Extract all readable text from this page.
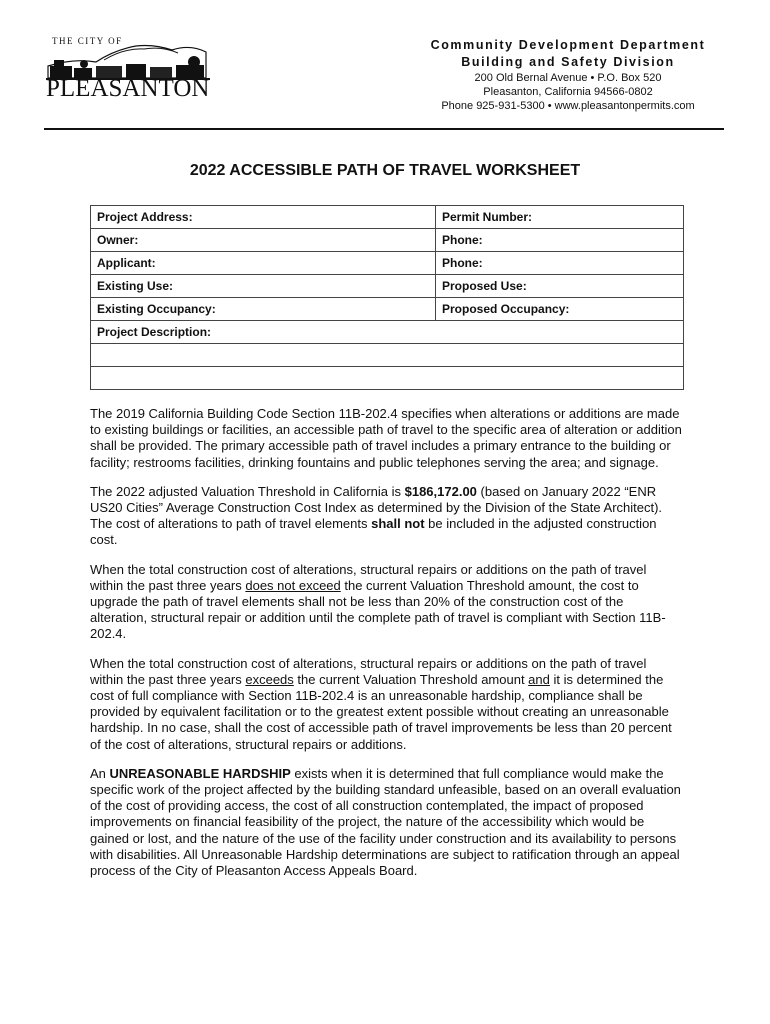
THE CITY OF
PLEASANTON
Community Development Department
Building and Safety Division
200 Old Bernal Avenue • P.O. Box 520
Pleasanton, California 94566-0802
Phone 925-931-5300 • www.pleasantonpermits.com
2022 ACCESSIBLE PATH OF TRAVEL WORKSHEET
Project Address:	Permit Number:
Owner:	Phone:
Applicant:	Phone:
Existing Use:	Proposed Use:
Existing Occupancy:	Proposed Occupancy:
Project Description:	

The 2019 California Building Code Section 11B-202.4 specifies when alterations or additions are made to existing buildings or facilities, an accessible path of travel to the specific area of alteration or addition shall be provided. The primary accessible path of travel includes a primary entrance to the building or facility; restrooms facilities, drinking fountains and public telephones serving the area; and signage.

The 2022 adjusted Valuation Threshold in California is $186,172.00 (based on January 2022 “ENR US20 Cities” Average Construction Cost Index as determined by the Division of the State Architect). The cost of alterations to path of travel elements shall not be included in the adjusted construction cost.

When the total construction cost of alterations, structural repairs or additions on the path of travel within the past three years does not exceed the current Valuation Threshold amount, the cost to upgrade the path of travel elements shall not be less than 20% of the construction cost of the alteration, structural repair or addition until the complete path of travel is compliant with Section 11B-202.4.

When the total construction cost of alterations, structural repairs or additions on the path of travel within the past three years exceeds the current Valuation Threshold amount and it is determined the cost of full compliance with Section 11B-202.4 is an unreasonable hardship, compliance shall be provided by equivalent facilitation or to the greatest extent possible without creating an unreasonable hardship. In no case, shall the cost of accessible path of travel improvements be less than 20 percent of the cost of alterations, structural repairs or additions.

An UNREASONABLE HARDSHIP exists when it is determined that full compliance would make the specific work of the project affected by the building standard unfeasible, based on an overall evaluation of the cost of providing access, the cost of all construction contemplated, the impact of proposed improvements on financial feasibility of the project, the nature of the accessibility which would be gained or lost, and the nature of the use of the facility under construction and its availability to persons with disabilities. All Unreasonable Hardship determinations are subject to ratification through an appeal process of the City of Pleasanton Access Appeals Board.
